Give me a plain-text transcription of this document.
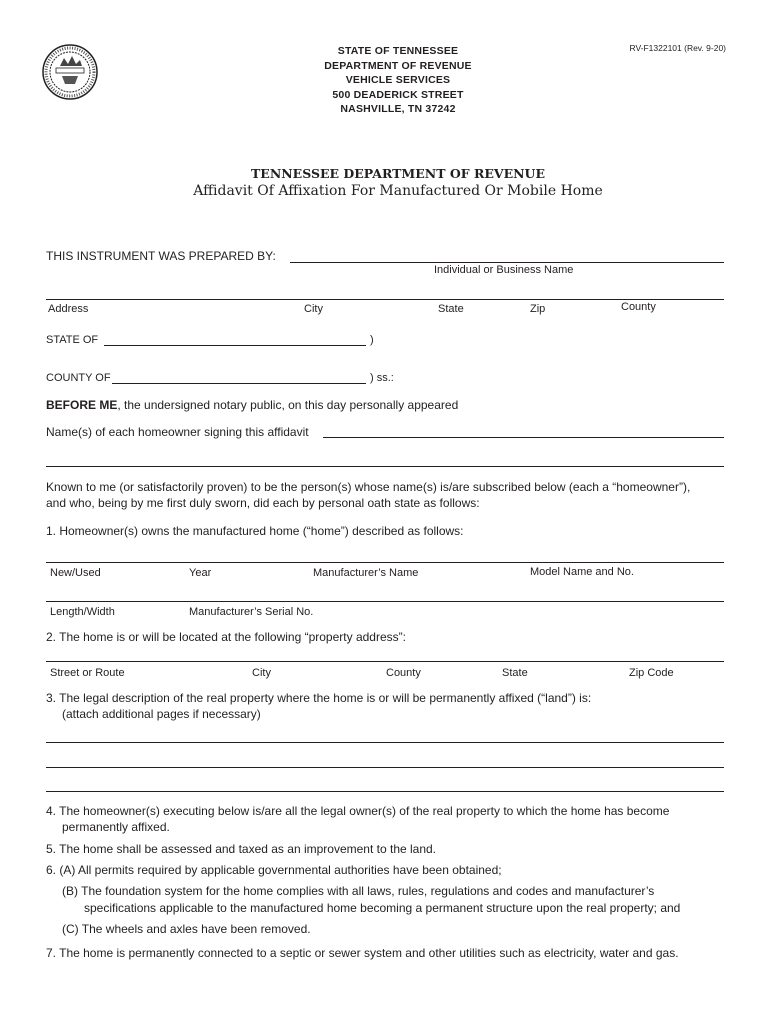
STATE OF TENNESSEE
DEPARTMENT OF REVENUE
VEHICLE SERVICES
500 DEADERICK STREET
NASHVILLE, TN 37242
RV-F1322101 (Rev. 9-20)
TENNESSEE DEPARTMENT OF REVENUE
Affidavit Of Affixation For Manufactured Or Mobile Home
THIS INSTRUMENT WAS PREPARED BY:
Individual or Business Name
Address	City	State	Zip	County
STATE OF	)
COUNTY OF	) ss.:
BEFORE ME, the undersigned notary public, on this day personally appeared
Name(s) of each homeowner signing this affidavit
Known to me (or satisfactorily proven) to be the person(s) whose name(s) is/are subscribed below (each a “homeowner”),
and who, being by me first duly sworn, did each by personal oath state as follows:
1. Homeowner(s) owns the manufactured home (“home”) described as follows:
New/Used	Year	Manufacturer’s Name	Model Name and No.
Length/Width	Manufacturer’s Serial No.
2. The home is or will be located at the following “property address”:
Street or Route	City	County	State	Zip Code
3. The legal description of the real property where the home is or will be permanently affixed (“land”) is:
(attach additional pages if necessary)
4. The homeowner(s) executing below is/are all the legal owner(s) of the real property to which the home has become
permanently affixed.
5. The home shall be assessed and taxed as an improvement to the land.
6. (A) All permits required by applicable governmental authorities have been obtained;
(B) The foundation system for the home complies with all laws, rules, regulations and codes and manufacturer’s
specifications applicable to the manufactured home becoming a permanent structure upon the real property; and
(C) The wheels and axles have been removed.
7. The home is permanently connected to a septic or sewer system and other utilities such as electricity, water and gas.
